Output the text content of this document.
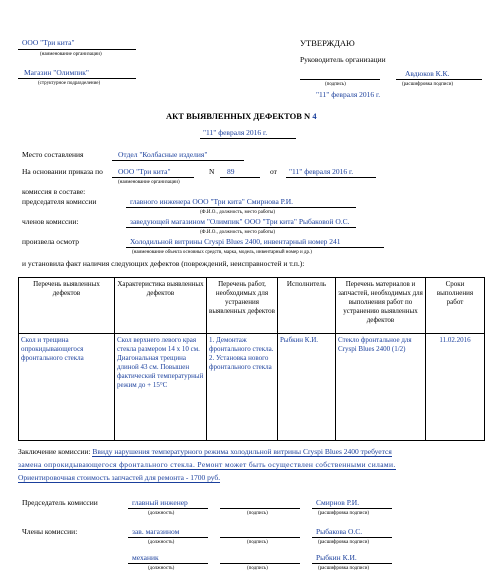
ООО "Три кита"
(наименование организации)
Магазин "Олимпик"
(структурное подразделение)
УТВЕРЖДАЮ
Руководитель организации
Авдюков К.К.
(подпись)	(расшифровка подписи)
"11" февраля 2016 г.
АКТ ВЫЯВЛЕННЫХ ДЕФЕКТОВ N 4
"11" февраля 2016 г.
Место составления	Отдел "Колбасные изделия"
На основании приказа по ООО "Три кита"	N 89	от "11" февраля 2016 г.
(наименование организации)
комиссия в составе:
председателя комиссии	главного инженера ООО "Три кита" Смирнова Р.И.
(Ф.И.О., должность, место работы)
членов комиссии:	заведующей магазином "Олимпик" ООО "Три кита" Рыбаковой О.С.
(Ф.И.О., должность, место работы)
произвела осмотр	Холодильной витрины Cryspi Blues 2400, инвентарный номер 241
(наименование объекта основных средств, марка, модель, инвентарный номер и др.)
и установила факт наличия следующих дефектов (повреждений, неисправностей и т.п.):
Перечень выявленных дефектов	Характеристика выявленных дефектов	Перечень работ, необходимых для устранения выявленных дефектов	Исполнитель	Перечень материалов и запчастей, необходимых для выполнения работ по устранению выявленных дефектов	Сроки выполнения работ
Скол и трещина опрокидывающегося фронтального стекла	Скол верхнего левого края стекла размером 14 x 10 см. Диагональная трещина длиной 43 см. Повышен фактический температурный режим до + 15°С	1. Демонтаж фронтального стекла. 2. Установка нового фронтального стекла	Рыбкин К.И.	Стекло фронтальное для Cryspi Blues 2400 (1/2)	11.02.2016
Заключение комиссии: Ввиду нарушения температурного режима холодильной витрины Cryspi Blues 2400 требуется
замена опрокидывающегося фронтального стекла. Ремонт может быть осуществлен собственными силами.
Ориентировочная стоимость запчастей для ремонта - 1700 руб.
Председатель комиссии	главный инженер	Смирнов Р.И.
(должность)	(подпись)	(расшифровка подписи)
Члены комиссии:	зав. магазином	Рыбакова О.С.
(должность)	(подпись)	(расшифровка подписи)
механик	Рыбкин К.И.
(должность)	(подпись)	(расшифровка подписи)
